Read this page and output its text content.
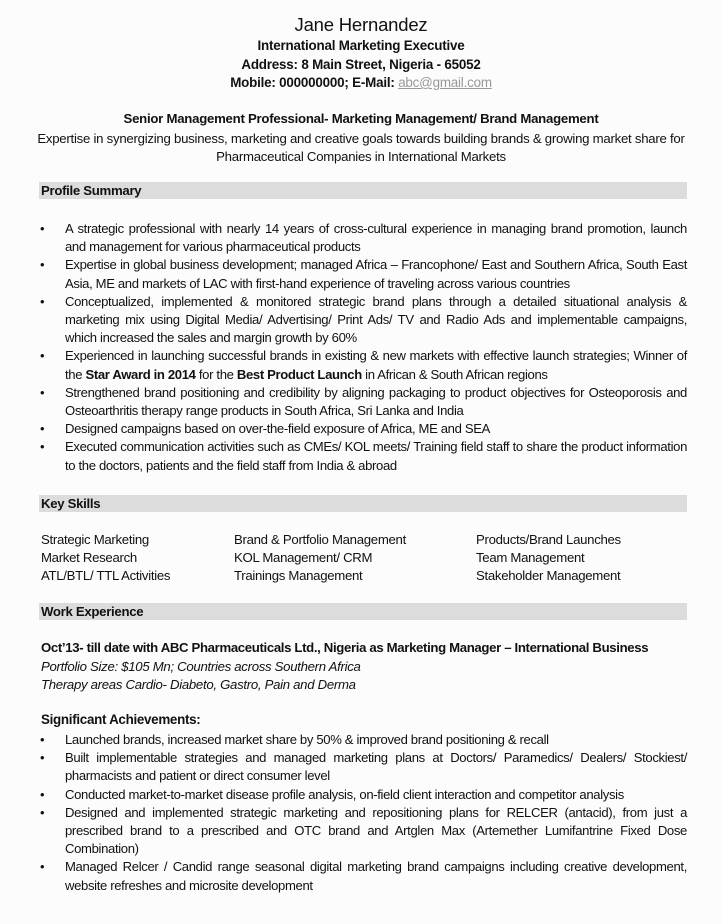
Jane Hernandez
International Marketing Executive
Address: 8 Main Street, Nigeria - 65052
Mobile: 000000000; E-Mail: abc@gmail.com
Senior Management Professional- Marketing Management/ Brand Management
Expertise in synergizing business, marketing and creative goals towards building brands & growing market share for Pharmaceutical Companies in International Markets
Profile Summary
• A strategic professional with nearly 14 years of cross-cultural experience in managing brand promotion, launch and management for various pharmaceutical products
• Expertise in global business development; managed Africa – Francophone/ East and Southern Africa, South East Asia, ME and markets of LAC with first-hand experience of traveling across various countries
• Conceptualized, implemented & monitored strategic brand plans through a detailed situational analysis & marketing mix using Digital Media/ Advertising/ Print Ads/ TV and Radio Ads and implementable campaigns, which increased the sales and margin growth by 60%
• Experienced in launching successful brands in existing & new markets with effective launch strategies; Winner of the Star Award in 2014 for the Best Product Launch in African & South African regions
• Strengthened brand positioning and credibility by aligning packaging to product objectives for Osteoporosis and Osteoarthritis therapy range products in South Africa, Sri Lanka and India
• Designed campaigns based on over-the-field exposure of Africa, ME and SEA
• Executed communication activities such as CMEs/ KOL meets/ Training field staff to share the product information to the doctors, patients and the field staff from India & abroad
Key Skills
Strategic Marketing
Market Research
ATL/BTL/ TTL Activities
Brand & Portfolio Management
KOL Management/ CRM
Trainings Management
Products/Brand Launches
Team Management
Stakeholder Management
Work Experience
Oct’13- till date with ABC Pharmaceuticals Ltd., Nigeria as Marketing Manager – International Business
Portfolio Size: $105 Mn; Countries across Southern Africa
Therapy areas Cardio- Diabeto, Gastro, Pain and Derma
Significant Achievements:
• Launched brands, increased market share by 50% & improved brand positioning & recall
• Built implementable strategies and managed marketing plans at Doctors/ Paramedics/ Dealers/ Stockiest/ pharmacists and patient or direct consumer level
• Conducted market-to-market disease profile analysis, on-field client interaction and competitor analysis
• Designed and implemented strategic marketing and repositioning plans for RELCER (antacid), from just a prescribed brand to a prescribed and OTC brand and Artglen Max (Artemether Lumifantrine Fixed Dose Combination)
• Managed Relcer / Candid range seasonal digital marketing brand campaigns including creative development, website refreshes and microsite development
